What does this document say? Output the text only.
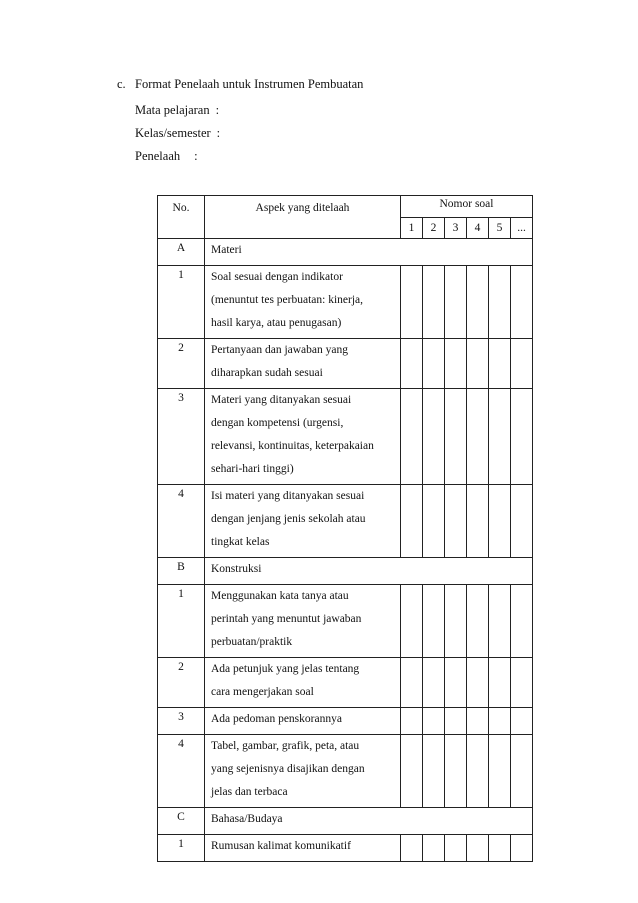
c. Format Penelaah untuk Instrumen Pembuatan
Mata pelajaran :
Kelas/semester :
Penelaah :
No.	Aspek yang ditelaah	Nomor soal					
		1	2	3	4	5	...
A	Materi						

1	Soal sesuai dengan indikator
(menuntut tes perbuatan: kinerja,
hasil karya, atau penugasan)						

2	Pertanyaan dan jawaban yang
diharapkan sudah sesuai						

3	Materi yang ditanyakan sesuai
dengan kompetensi (urgensi,
relevansi, kontinuitas, keterpakaian
sehari-hari tinggi)						

4	Isi materi yang ditanyakan sesuai
dengan jenjang jenis sekolah atau
tingkat kelas						

B	Konstruksi						

1	Menggunakan kata tanya atau
perintah yang menuntut jawaban
perbuatan/praktik						

2	Ada petunjuk yang jelas tentang
cara mengerjakan soal						

3	Ada pedoman penskorannya						

4	Tabel, gambar, grafik, peta, atau
yang sejenisnya disajikan dengan
jelas dan terbaca						

C	Bahasa/Budaya						

1	Rumusan kalimat komunikatif						
